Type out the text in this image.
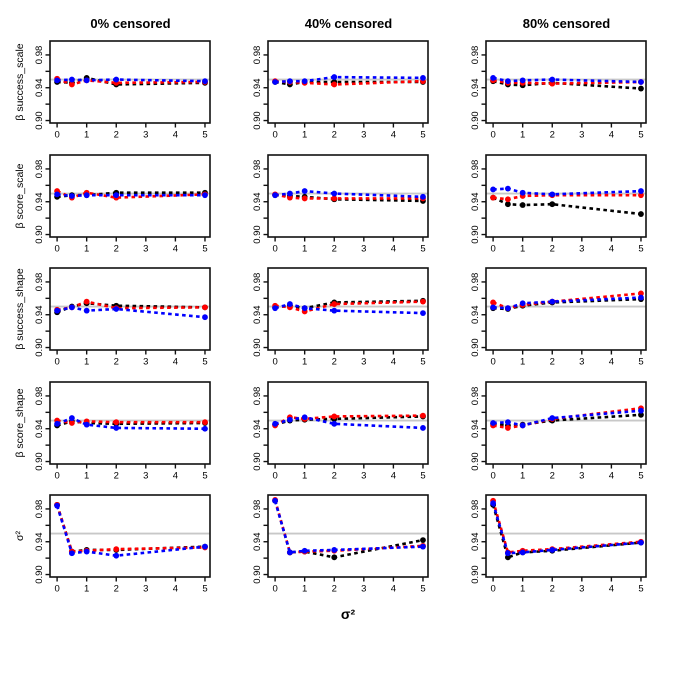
0% censored	40% censored	80% censored
β success_scale
β score_scale
β success_shape
β score_shape
σ²
0	1	2	3	4	5
0.90
0.94
0.98
0	1	2	3	4	5
0.90
0.94
0.98
0	1	2	3	4	5
0.90
0.94
0.98
0	1	2	3	4	5
0.90
0.94
0.98
0	1	2	3	4	5
0.90
0.94
0.98
0	1	2	3	4	5
0.90
0.94
0.98
0	1	2	3	4	5
0.90
0.94
0.98
0	1	2	3	4	5
0.90
0.94
0.98
0	1	2	3	4	5
0.90
0.94
0.98
0	1	2	3	4	5
0.90
0.94
0.98
0	1	2	3	4	5
0.90
0.94
0.98
0	1	2	3	4	5
0.90
0.94
0.98
0	1	2	3	4	5
0.90
0.94
0.98
0	1	2	3	4	5
0.90
0.94
0.98
0	1	2	3	4	5
0.90
0.94
0.98
σ²
